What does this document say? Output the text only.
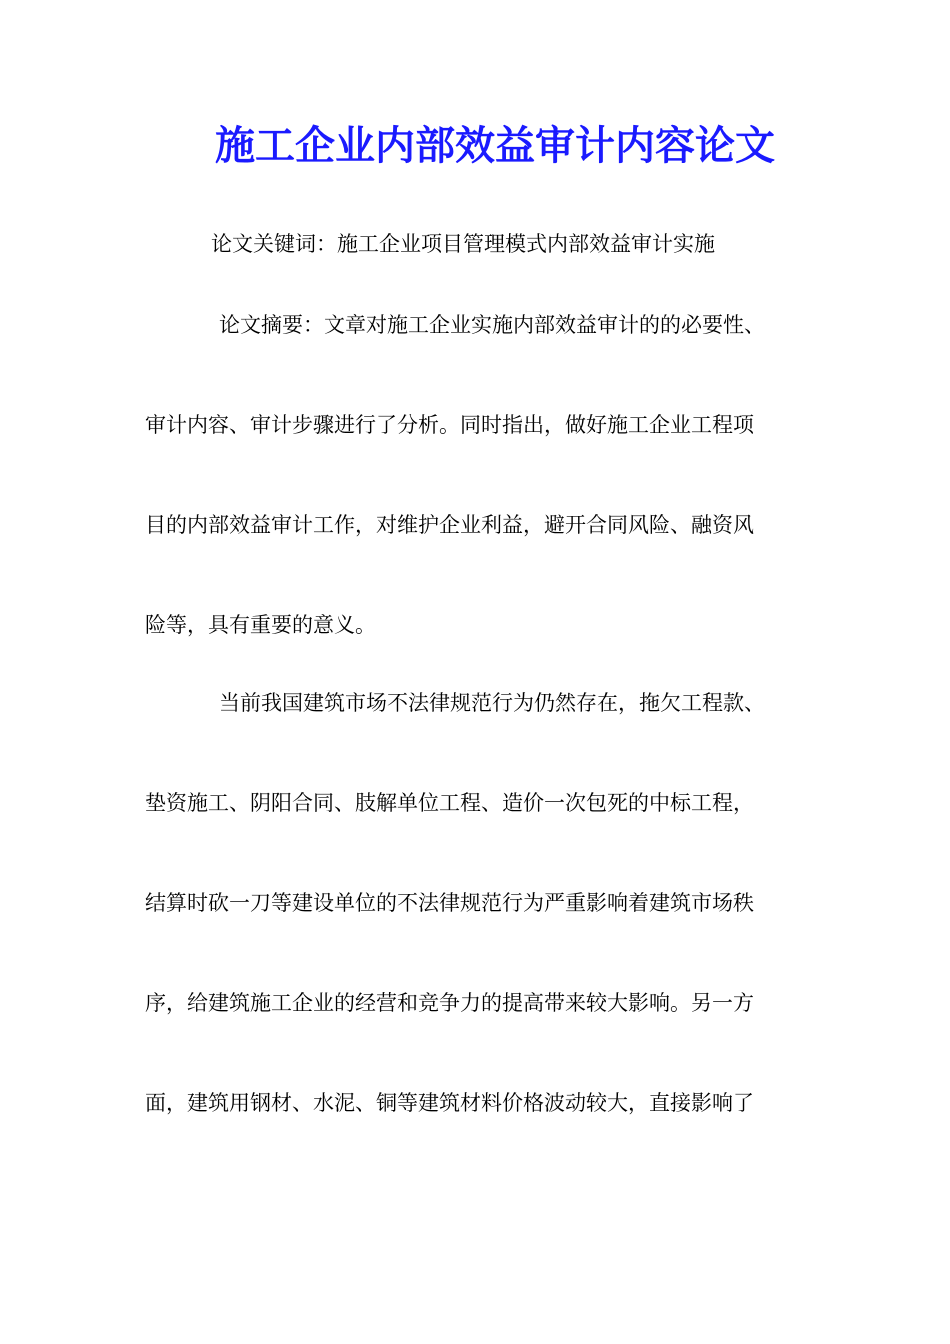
施工企业内部效益审计内容论文
论文关键词：施工企业项目管理模式内部效益审计实施
论文摘要：文章对施工企业实施内部效益审计的的必要性、
审计内容、审计步骤进行了分析。同时指出，做好施工企业工程项
目的内部效益审计工作，对维护企业利益，避开合同风险、融资风
险等，具有重要的意义。
当前我国建筑市场不法律规范行为仍然存在，拖欠工程款、
垫资施工、阴阳合同、肢解单位工程、造价一次包死的中标工程，
结算时砍一刀等建设单位的不法律规范行为严重影响着建筑市场秩
序，给建筑施工企业的经营和竞争力的提高带来较大影响。另一方
面，建筑用钢材、水泥、铜等建筑材料价格波动较大，直接影响了
